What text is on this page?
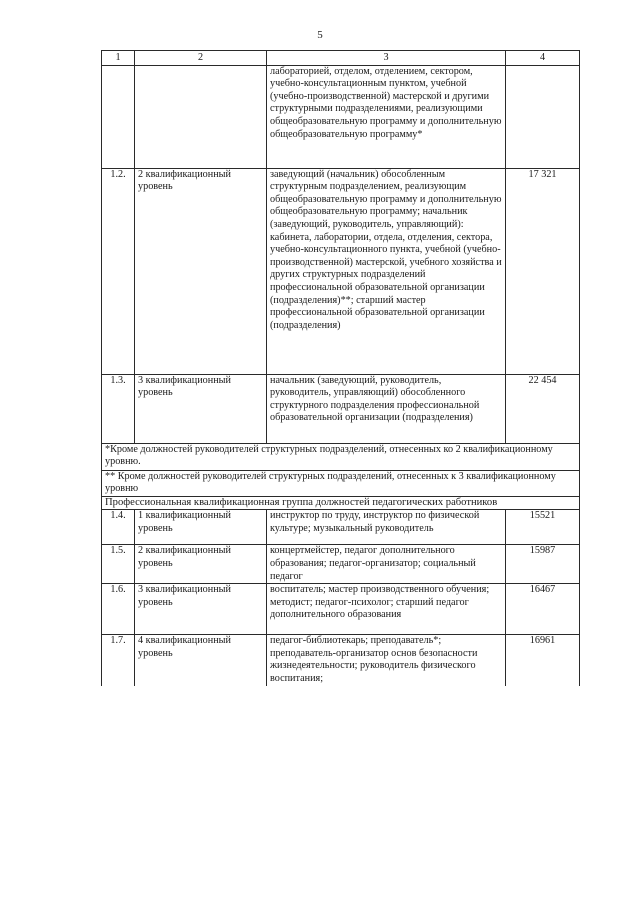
5
1	2	3	4
		лабораторией, отделом, отделением, сектором, учебно-консультационным пунктом, учебной (учебно-производственной) мастерской и другими структурными подразделениями, реализующими общеобразовательную программу и дополнительную общеобразовательную программу*	
1.2.	2 квалификационный уровень	заведующий (начальник) обособленным структурным подразделением, реализующим общеобразовательную программу и дополнительную общеобразовательную программу; начальник (заведующий, руководитель, управляющий): кабинета, лаборатории, отдела, отделения, сектора, учебно-консультационного пункта, учебной (учебно-производственной) мастерской, учебного хозяйства и других структурных подразделений профессиональной образовательной организации (подразделения)**; старший мастер профессиональной образовательной организации (подразделения)	17 321
1.3.	3 квалификационный уровень	начальник (заведующий, руководитель, руководитель, управляющий) обособленного структурного подразделения профессиональной образовательной организации (подразделения)	22 454
*Кроме должностей руководителей структурных подразделений, отнесенных ко 2 квалификационному уровню.			
** Кроме должностей руководителей структурных подразделений, отнесенных к 3 квалификационному уровню			
Профессиональная квалификационная группа должностей педагогических работников			
1.4.	1 квалификационный уровень	инструктор по труду, инструктор по физической культуре; музыкальный руководитель	15521
1.5.	2 квалификационный уровень	концертмейстер, педагог дополнительного образования; педагог-организатор; социальный педагог	15987
1.6.	3 квалификационный уровень	воспитатель; мастер производственного обучения; методист; педагог-психолог; старший педагог дополнительного образования	16467
1.7.	4 квалификационный уровень	педагог-библиотекарь; преподаватель*; преподаватель-организатор основ безопасности жизнедеятельности; руководитель физического воспитания;	16961
